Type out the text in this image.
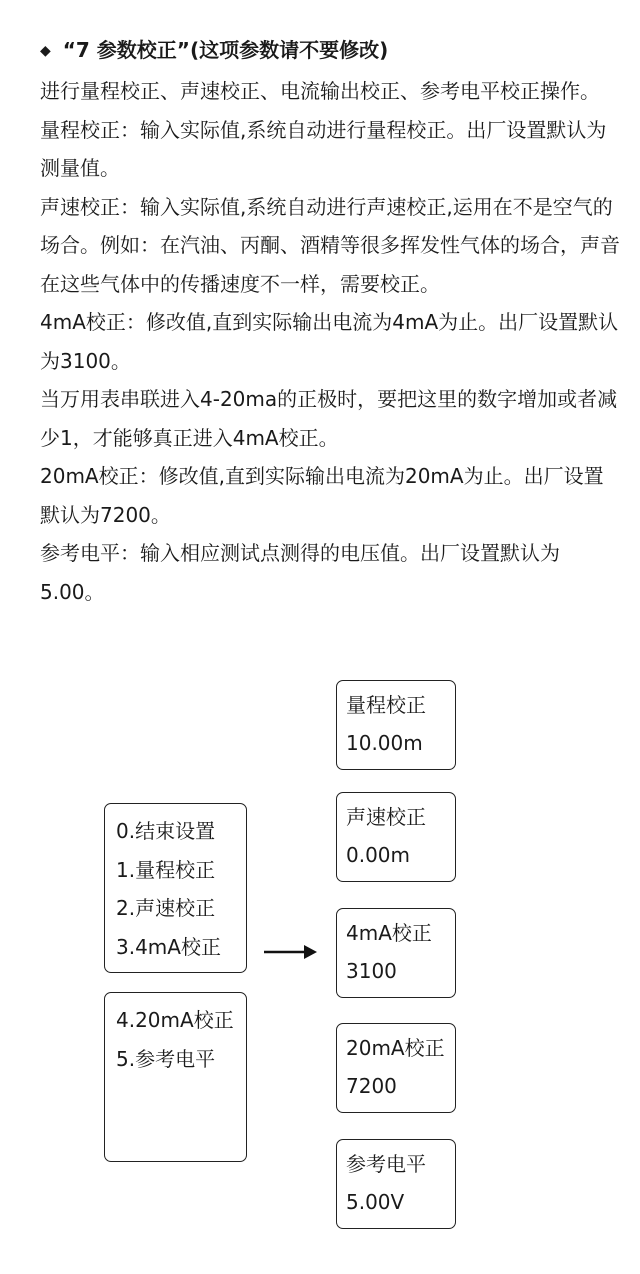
◆ “7 参数校正”(这项参数请不要修改)

进行量程校正、声速校正、电流输出校正、参考电平校正操作。

量程校正：输入实际值,系统自动进行量程校正。出厂设置默认为测量值。

声速校正：输入实际值,系统自动进行声速校正,运用在不是空气的场合。例如：在汽油、丙酮、酒精等很多挥发性气体的场合，声音在这些气体中的传播速度不一样，需要校正。

4mA校正：修改值,直到实际输出电流为4mA为止。出厂设置默认为3100。

当万用表串联进入4-20ma的正极时，要把这里的数字增加或者减少1，才能够真正进入4mA校正。

20mA校正：修改值,直到实际输出电流为20mA为止。出厂设置默认为7200。

参考电平：输入相应测试点测得的电压值。出厂设置默认为5.00。

0.结束设置
1.量程校正
2.声速校正
3.4mA校正
4.20mA校正
5.参考电平
量程校正
10.00m
声速校正
0.00m
4mA校正
3100
20mA校正
7200
参考电平
5.00V
